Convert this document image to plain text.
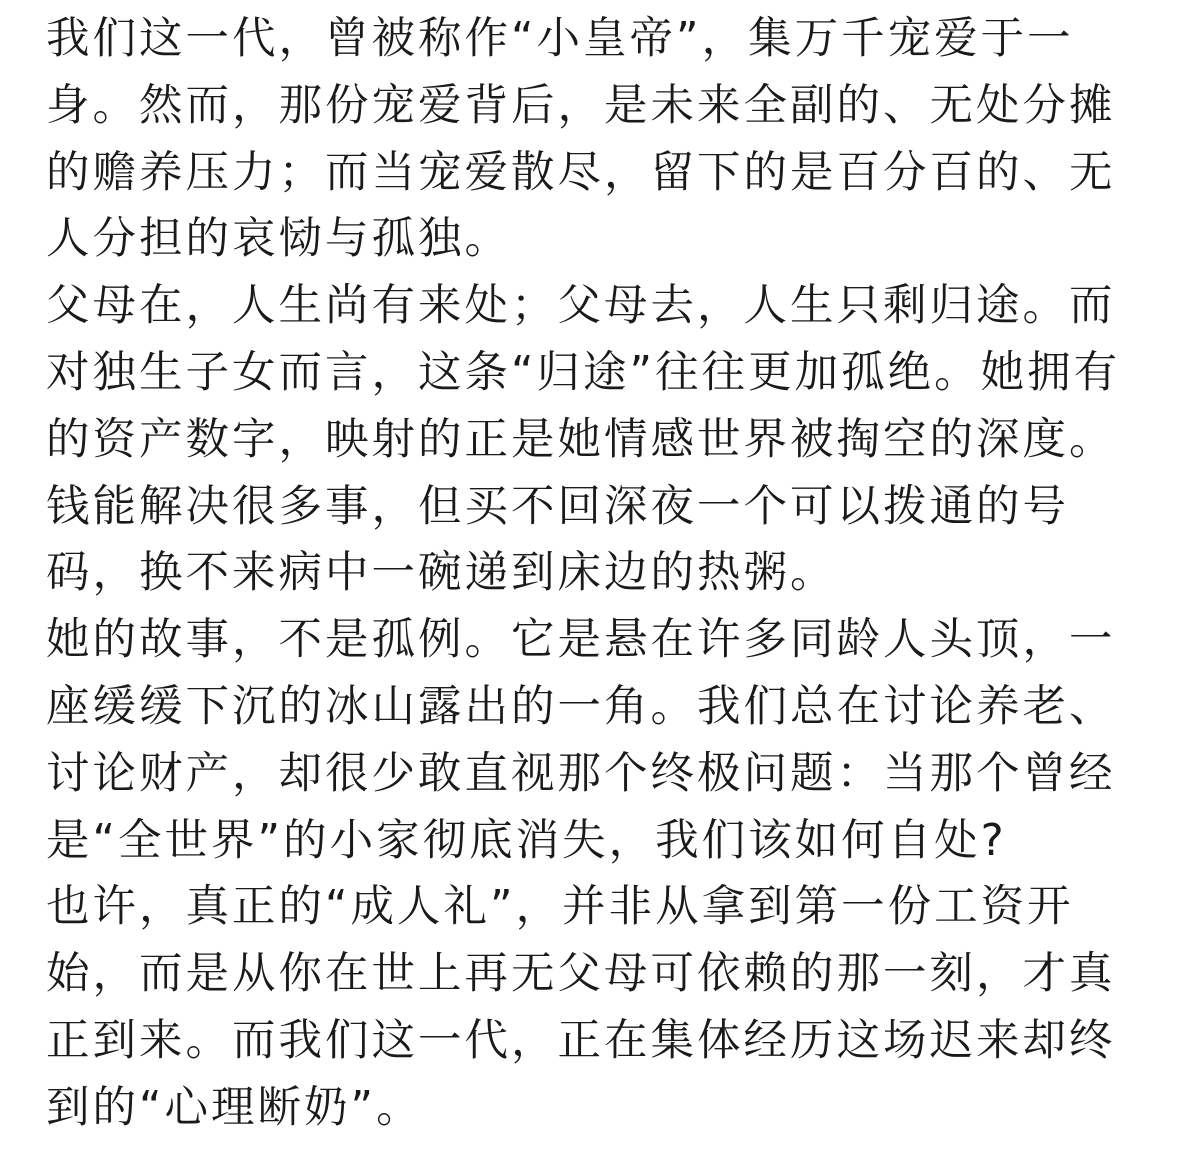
我们这一代，曾被称作“小皇帝”，集万千宠爱于一身。然而，那份宠爱背后，是未来全副的、无处分摊的赡养压力；而当宠爱散尽，留下的是百分百的、无人分担的哀恸与孤独。

父母在，人生尚有来处；父母去，人生只剩归途。而对独生子女而言，这条“归途”往往更加孤绝。她拥有的资产数字，映射的正是她情感世界被掏空的深度。钱能解决很多事，但买不回深夜一个可以拨通的号码，换不来病中一碗递到床边的热粥。

她的故事，不是孤例。它是悬在许多同龄人头顶，一座缓缓下沉的冰山露出的一角。我们总在讨论养老、讨论财产，却很少敢直视那个终极问题：当那个曾经是“全世界”的小家彻底消失，我们该如何自处?

也许，真正的“成人礼”，并非从拿到第一份工资开始，而是从你在世上再无父母可依赖的那一刻，才真正到来。而我们这一代，正在集体经历这场迟来却终到的“心理断奶”。
